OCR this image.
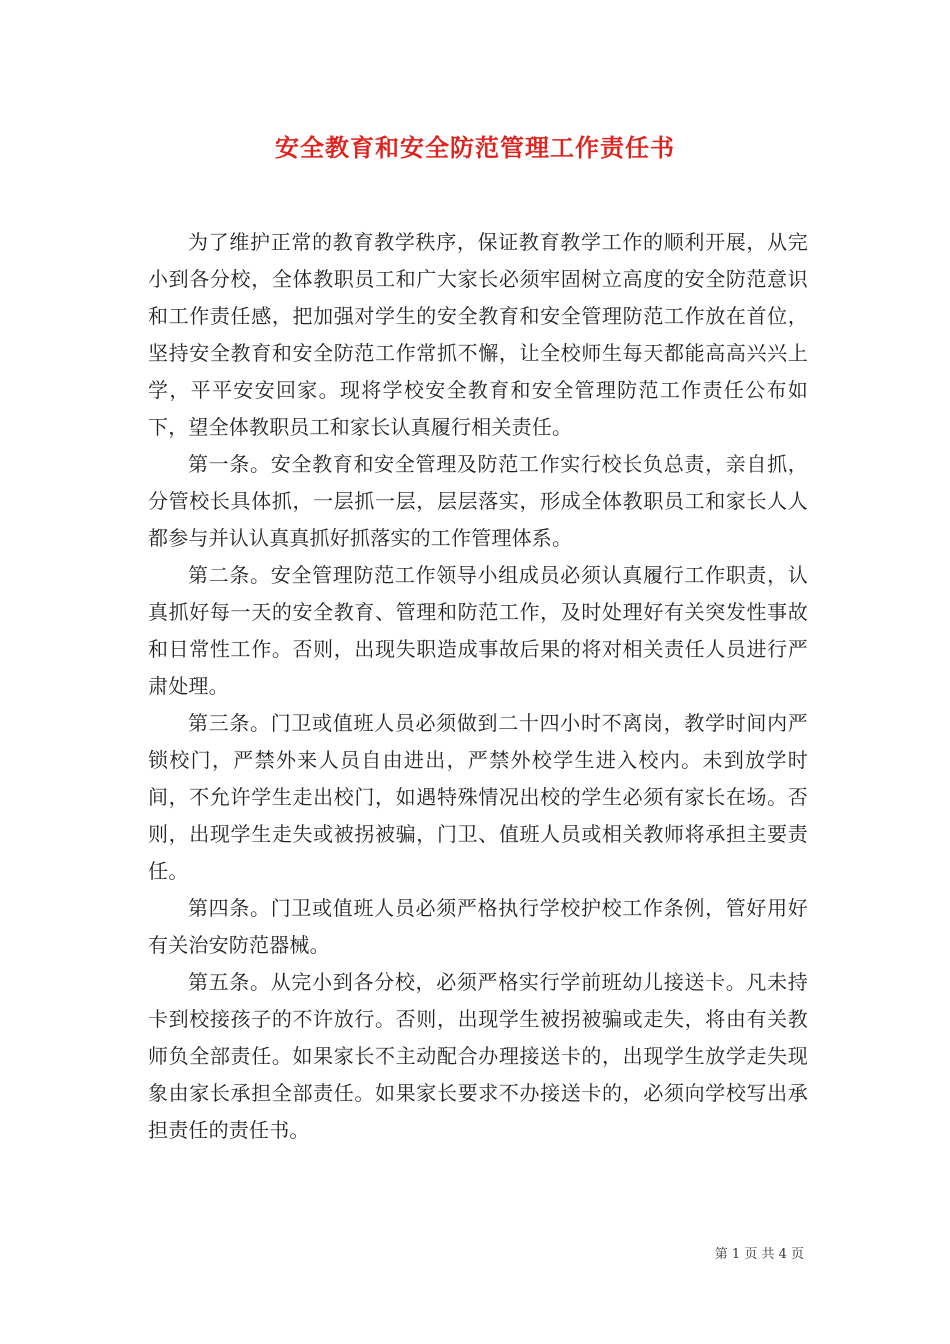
安全教育和安全防范管理工作责任书

为了维护正常的教育教学秩序，保证教育教学工作的顺利开展，从完小到各分校，全体教职员工和广大家长必须牢固树立高度的安全防范意识和工作责任感，把加强对学生的安全教育和安全管理防范工作放在首位，坚持安全教育和安全防范工作常抓不懈，让全校师生每天都能高高兴兴上学，平平安安回家。现将学校安全教育和安全管理防范工作责任公布如下，望全体教职员工和家长认真履行相关责任。

第一条。安全教育和安全管理及防范工作实行校长负总责，亲自抓，分管校长具体抓，一层抓一层，层层落实，形成全体教职员工和家长人人都参与并认认真真抓好抓落实的工作管理体系。

第二条。安全管理防范工作领导小组成员必须认真履行工作职责，认真抓好每一天的安全教育、管理和防范工作，及时处理好有关突发性事故和日常性工作。否则，出现失职造成事故后果的将对相关责任人员进行严肃处理。

第三条。门卫或值班人员必须做到二十四小时不离岗，教学时间内严锁校门，严禁外来人员自由进出，严禁外校学生进入校内。未到放学时间，不允许学生走出校门，如遇特殊情况出校的学生必须有家长在场。否则，出现学生走失或被拐被骗，门卫、值班人员或相关教师将承担主要责任。

第四条。门卫或值班人员必须严格执行学校护校工作条例，管好用好有关治安防范器械。

第五条。从完小到各分校，必须严格实行学前班幼儿接送卡。凡未持卡到校接孩子的不许放行。否则，出现学生被拐被骗或走失，将由有关教师负全部责任。如果家长不主动配合办理接送卡的，出现学生放学走失现象由家长承担全部责任。如果家长要求不办接送卡的，必须向学校写出承担责任的责任书。

第 1 页 共 4 页
